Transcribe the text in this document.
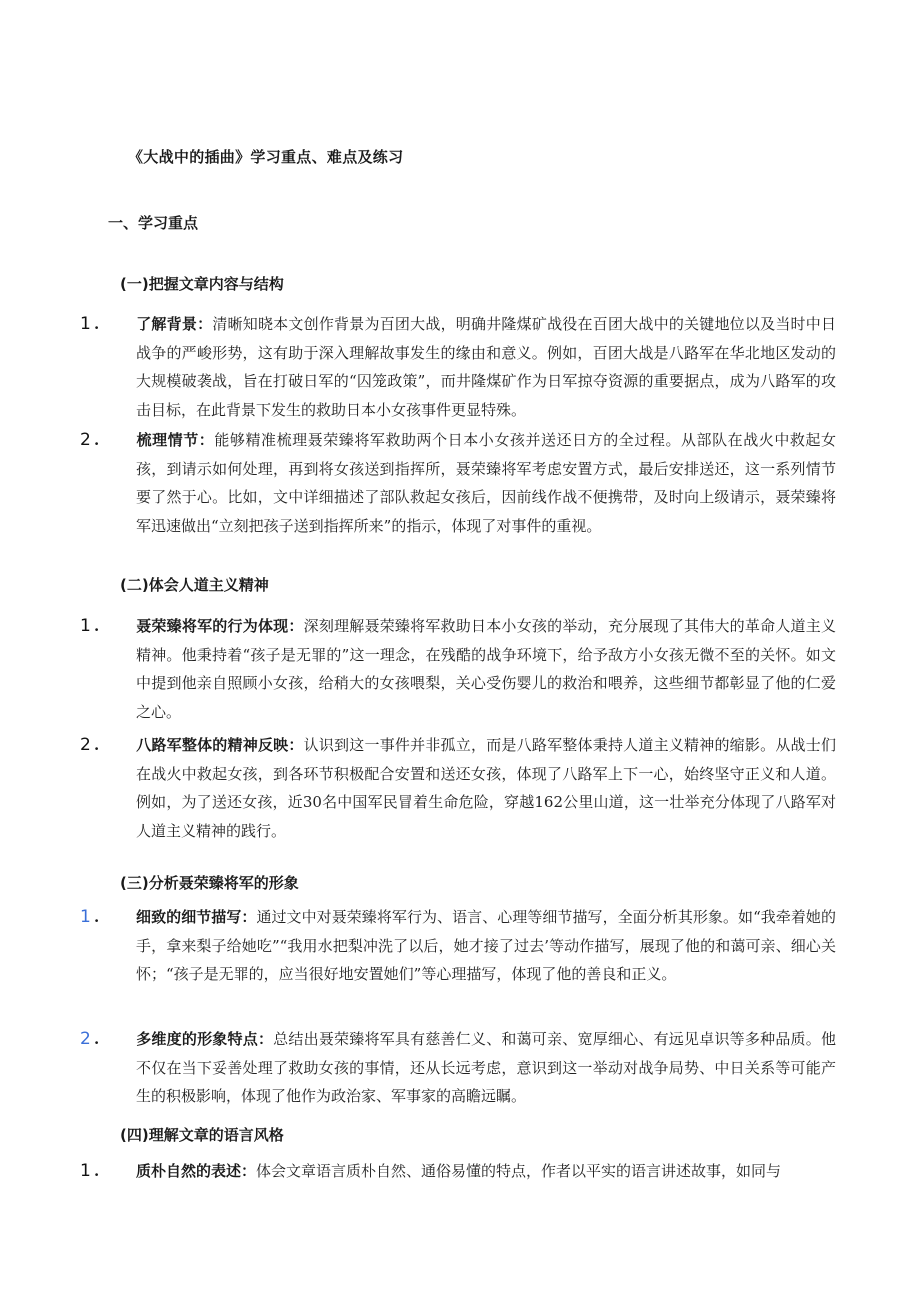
《大战中的插曲》学习重点、难点及练习
一、学习重点
(一)把握文章内容与结构
1 . 了解背景：清晰知晓本文创作背景为百团大战，明确井隆煤矿战役在百团大战中的关键地位以及当时中日战争的严峻形势，这有助于深入理解故事发生的缘由和意义。例如，百团大战是八路军在华北地区发动的大规模破袭战，旨在打破日军的“囚笼政策”，而井隆煤矿作为日军掠夺资源的重要据点，成为八路军的攻击目标，在此背景下发生的救助日本小女孩事件更显特殊。
2 . 梳理情节：能够精准梳理聂荣臻将军救助两个日本小女孩并送还日方的全过程。从部队在战火中救起女孩，到请示如何处理，再到将女孩送到指挥所，聂荣臻将军考虑安置方式，最后安排送还，这一系列情节要了然于心。比如，文中详细描述了部队救起女孩后，因前线作战不便携带，及时向上级请示，聂荣臻将军迅速做出“立刻把孩子送到指挥所来”的指示，体现了对事件的重视。
(二)体会人道主义精神
1 . 聂荣臻将军的行为体现：深刻理解聂荣臻将军救助日本小女孩的举动，充分展现了其伟大的革命人道主义精神。他秉持着“孩子是无罪的”这一理念，在残酷的战争环境下，给予敌方小女孩无微不至的关怀。如文中提到他亲自照顾小女孩，给稍大的女孩喂梨，关心受伤婴儿的救治和喂养，这些细节都彰显了他的仁爱之心。
2 . 八路军整体的精神反映：认识到这一事件并非孤立，而是八路军整体秉持人道主义精神的缩影。从战士们在战火中救起女孩，到各环节积极配合安置和送还女孩，体现了八路军上下一心，始终坚守正义和人道。例如，为了送还女孩，近30名中国军民冒着生命危险，穿越162公里山道，这一壮举充分体现了八路军对人道主义精神的践行。
(三)分析聂荣臻将军的形象
1 . 细致的细节描写：通过文中对聂荣臻将军行为、语言、心理等细节描写，全面分析其形象。如“我牵着她的手，拿来梨子给她吃”“我用水把梨冲洗了以后，她才接了过去’等动作描写，展现了他的和蔼可亲、细心关怀；“孩子是无罪的，应当很好地安置她们”等心理描写，体现了他的善良和正义。
2 . 多维度的形象特点：总结出聂荣臻将军具有慈善仁义、和蔼可亲、宽厚细心、有远见卓识等多种品质。他不仅在当下妥善处理了救助女孩的事情，还从长远考虑，意识到这一举动对战争局势、中日关系等可能产生的积极影响，体现了他作为政治家、军事家的高瞻远瞩。
(四)理解文章的语言风格
1 . 质朴自然的表述：体会文章语言质朴自然、通俗易懂的特点，作者以平实的语言讲述故事，如同与
